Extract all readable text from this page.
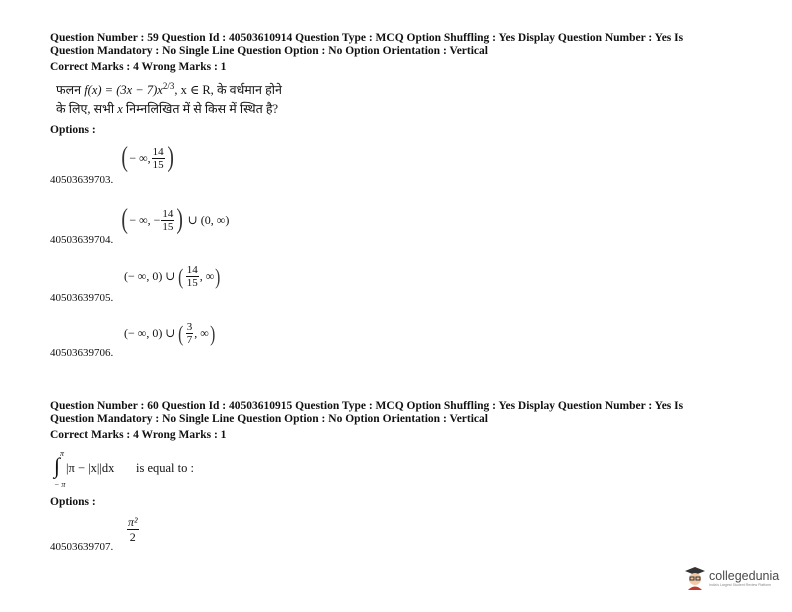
Question Number : 59 Question Id : 40503610914 Question Type : MCQ Option Shuffling : Yes Display Question Number : Yes Is
Question Mandatory : No Single Line Question Option : No Option Orientation : Vertical
Correct Marks : 4 Wrong Marks : 1
फलन $f(x) = (3x - 7)x^{2/3}$, x ∈ R, के वर्धमान होने
के लिए, सभी x निम्नलिखित में से किस में स्थित है?
Options :
( − ∞, $\frac{14}{15}$ )
40503639703.
( − ∞, − $\frac{14}{15}$ ) ∪ (0, ∞)
40503639704.
(− ∞, 0) ∪ ( $\frac{14}{15}$ , ∞ )
40503639705.
(− ∞, 0) ∪ ( $\frac{3}{7}$ , ∞ )
40503639706.
Question Number : 60 Question Id : 40503610915 Question Type : MCQ Option Shuffling : Yes Display Question Number : Yes Is
Question Mandatory : No Single Line Question Option : No Option Orientation : Vertical
Correct Marks : 4 Wrong Marks : 1
π
∫
− π
|π − |x||dx is equal to :
Options :
$\frac{\text{π²}}{2}$
40503639707.
collegedunia
India's Largest Student Review Platform
